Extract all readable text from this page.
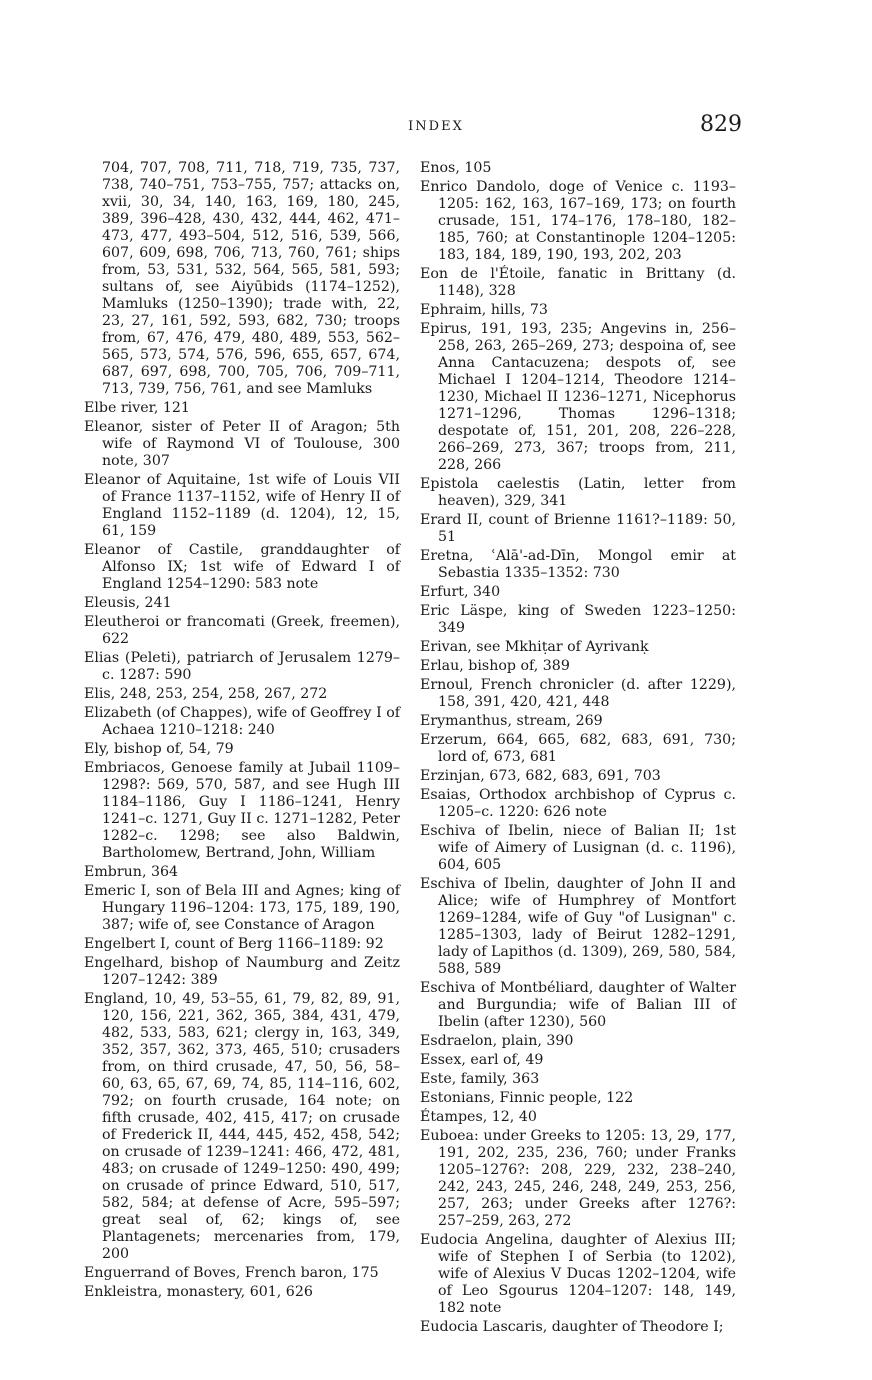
INDEX	829

704, 707, 708, 711, 718, 719, 735, 737, 738, 740–751, 753–755, 757; attacks on, xvii, 30, 34, 140, 163, 169, 180, 245, 389, 396–428, 430, 432, 444, 462, 471–473, 477, 493–504, 512, 516, 539, 566, 607, 609, 698, 706, 713, 760, 761; ships from, 53, 531, 532, 564, 565, 581, 593; sultans of, see Aiyūbids (1174–1252), Mamluks (1250–1390); trade with, 22, 23, 27, 161, 592, 593, 682, 730; troops from, 67, 476, 479, 480, 489, 553, 562–565, 573, 574, 576, 596, 655, 657, 674, 687, 697, 698, 700, 705, 706, 709–711, 713, 739, 756, 761, and see Mamluks

Elbe river, 121

Eleanor, sister of Peter II of Aragon; 5th wife of Raymond VI of Toulouse, 300 note, 307

Eleanor of Aquitaine, 1st wife of Louis VII of France 1137–1152, wife of Henry II of England 1152–1189 (d. 1204), 12, 15, 61, 159

Eleanor of Castile, granddaughter of Alfonso IX; 1st wife of Edward I of England 1254–1290: 583 note

Eleusis, 241

Eleutheroi or francomati (Greek, freemen), 622

Elias (Peleti), patriarch of Jerusalem 1279–c. 1287: 590

Elis, 248, 253, 254, 258, 267, 272

Elizabeth (of Chappes), wife of Geoffrey I of Achaea 1210–1218: 240

Ely, bishop of, 54, 79

Embriacos, Genoese family at Jubail 1109–1298?: 569, 570, 587, and see Hugh III 1184–1186, Guy I 1186–1241, Henry 1241–c. 1271, Guy II c. 1271–1282, Peter 1282–c. 1298; see also Baldwin, Bartholomew, Bertrand, John, William

Embrun, 364

Emeric I, son of Bela III and Agnes; king of Hungary 1196–1204: 173, 175, 189, 190, 387; wife of, see Constance of Aragon

Engelbert I, count of Berg 1166–1189: 92

Engelhard, bishop of Naumburg and Zeitz 1207–1242: 389

England, 10, 49, 53–55, 61, 79, 82, 89, 91, 120, 156, 221, 362, 365, 384, 431, 479, 482, 533, 583, 621; clergy in, 163, 349, 352, 357, 362, 373, 465, 510; crusaders from, on third crusade, 47, 50, 56, 58–60, 63, 65, 67, 69, 74, 85, 114–116, 602, 792; on fourth crusade, 164 note; on fifth crusade, 402, 415, 417; on crusade of Frederick II, 444, 445, 452, 458, 542; on crusade of 1239–1241: 466, 472, 481, 483; on crusade of 1249–1250: 490, 499; on crusade of prince Edward, 510, 517, 582, 584; at defense of Acre, 595–597; great seal of, 62; kings of, see Plantagenets; mercenaries from, 179, 200

Enguerrand of Boves, French baron, 175

Enkleistra, monastery, 601, 626

Enos, 105

Enrico Dandolo, doge of Venice c. 1193–1205: 162, 163, 167–169, 173; on fourth crusade, 151, 174–176, 178–180, 182–185, 760; at Constantinople 1204–1205: 183, 184, 189, 190, 193, 202, 203

Eon de l'Étoile, fanatic in Brittany (d. 1148), 328

Ephraim, hills, 73

Epirus, 191, 193, 235; Angevins in, 256–258, 263, 265–269, 273; despoina of, see Anna Cantacuzena; despots of, see Michael I 1204–1214, Theodore 1214–1230, Michael II 1236–1271, Nicephorus 1271–1296, Thomas 1296–1318; despotate of, 151, 201, 208, 226–228, 266–269, 273, 367; troops from, 211, 228, 266

Epistola caelestis (Latin, letter from heaven), 329, 341

Erard II, count of Brienne 1161?–1189: 50, 51

Eretna, ʿAlā'-ad-Dīn, Mongol emir at Sebastia 1335–1352: 730

Erfurt, 340

Eric Läspe, king of Sweden 1223–1250: 349

Erivan, see Mkhiṭar of Ayrivanḳ

Erlau, bishop of, 389

Ernoul, French chronicler (d. after 1229), 158, 391, 420, 421, 448

Erymanthus, stream, 269

Erzerum, 664, 665, 682, 683, 691, 730; lord of, 673, 681

Erzinjan, 673, 682, 683, 691, 703

Esaias, Orthodox archbishop of Cyprus c. 1205–c. 1220: 626 note

Eschiva of Ibelin, niece of Balian II; 1st wife of Aimery of Lusignan (d. c. 1196), 604, 605

Eschiva of Ibelin, daughter of John II and Alice; wife of Humphrey of Montfort 1269–1284, wife of Guy "of Lusignan" c. 1285–1303, lady of Beirut 1282–1291, lady of Lapithos (d. 1309), 269, 580, 584, 588, 589

Eschiva of Montbéliard, daughter of Walter and Burgundia; wife of Balian III of Ibelin (after 1230), 560

Esdraelon, plain, 390

Essex, earl of, 49

Este, family, 363

Estonians, Finnic people, 122

Étampes, 12, 40

Euboea: under Greeks to 1205: 13, 29, 177, 191, 202, 235, 236, 760; under Franks 1205–1276?: 208, 229, 232, 238–240, 242, 243, 245, 246, 248, 249, 253, 256, 257, 263; under Greeks after 1276?: 257–259, 263, 272

Eudocia Angelina, daughter of Alexius III; wife of Stephen I of Serbia (to 1202), wife of Alexius V Ducas 1202–1204, wife of Leo Sgourus 1204–1207: 148, 149, 182 note

Eudocia Lascaris, daughter of Theodore I;
